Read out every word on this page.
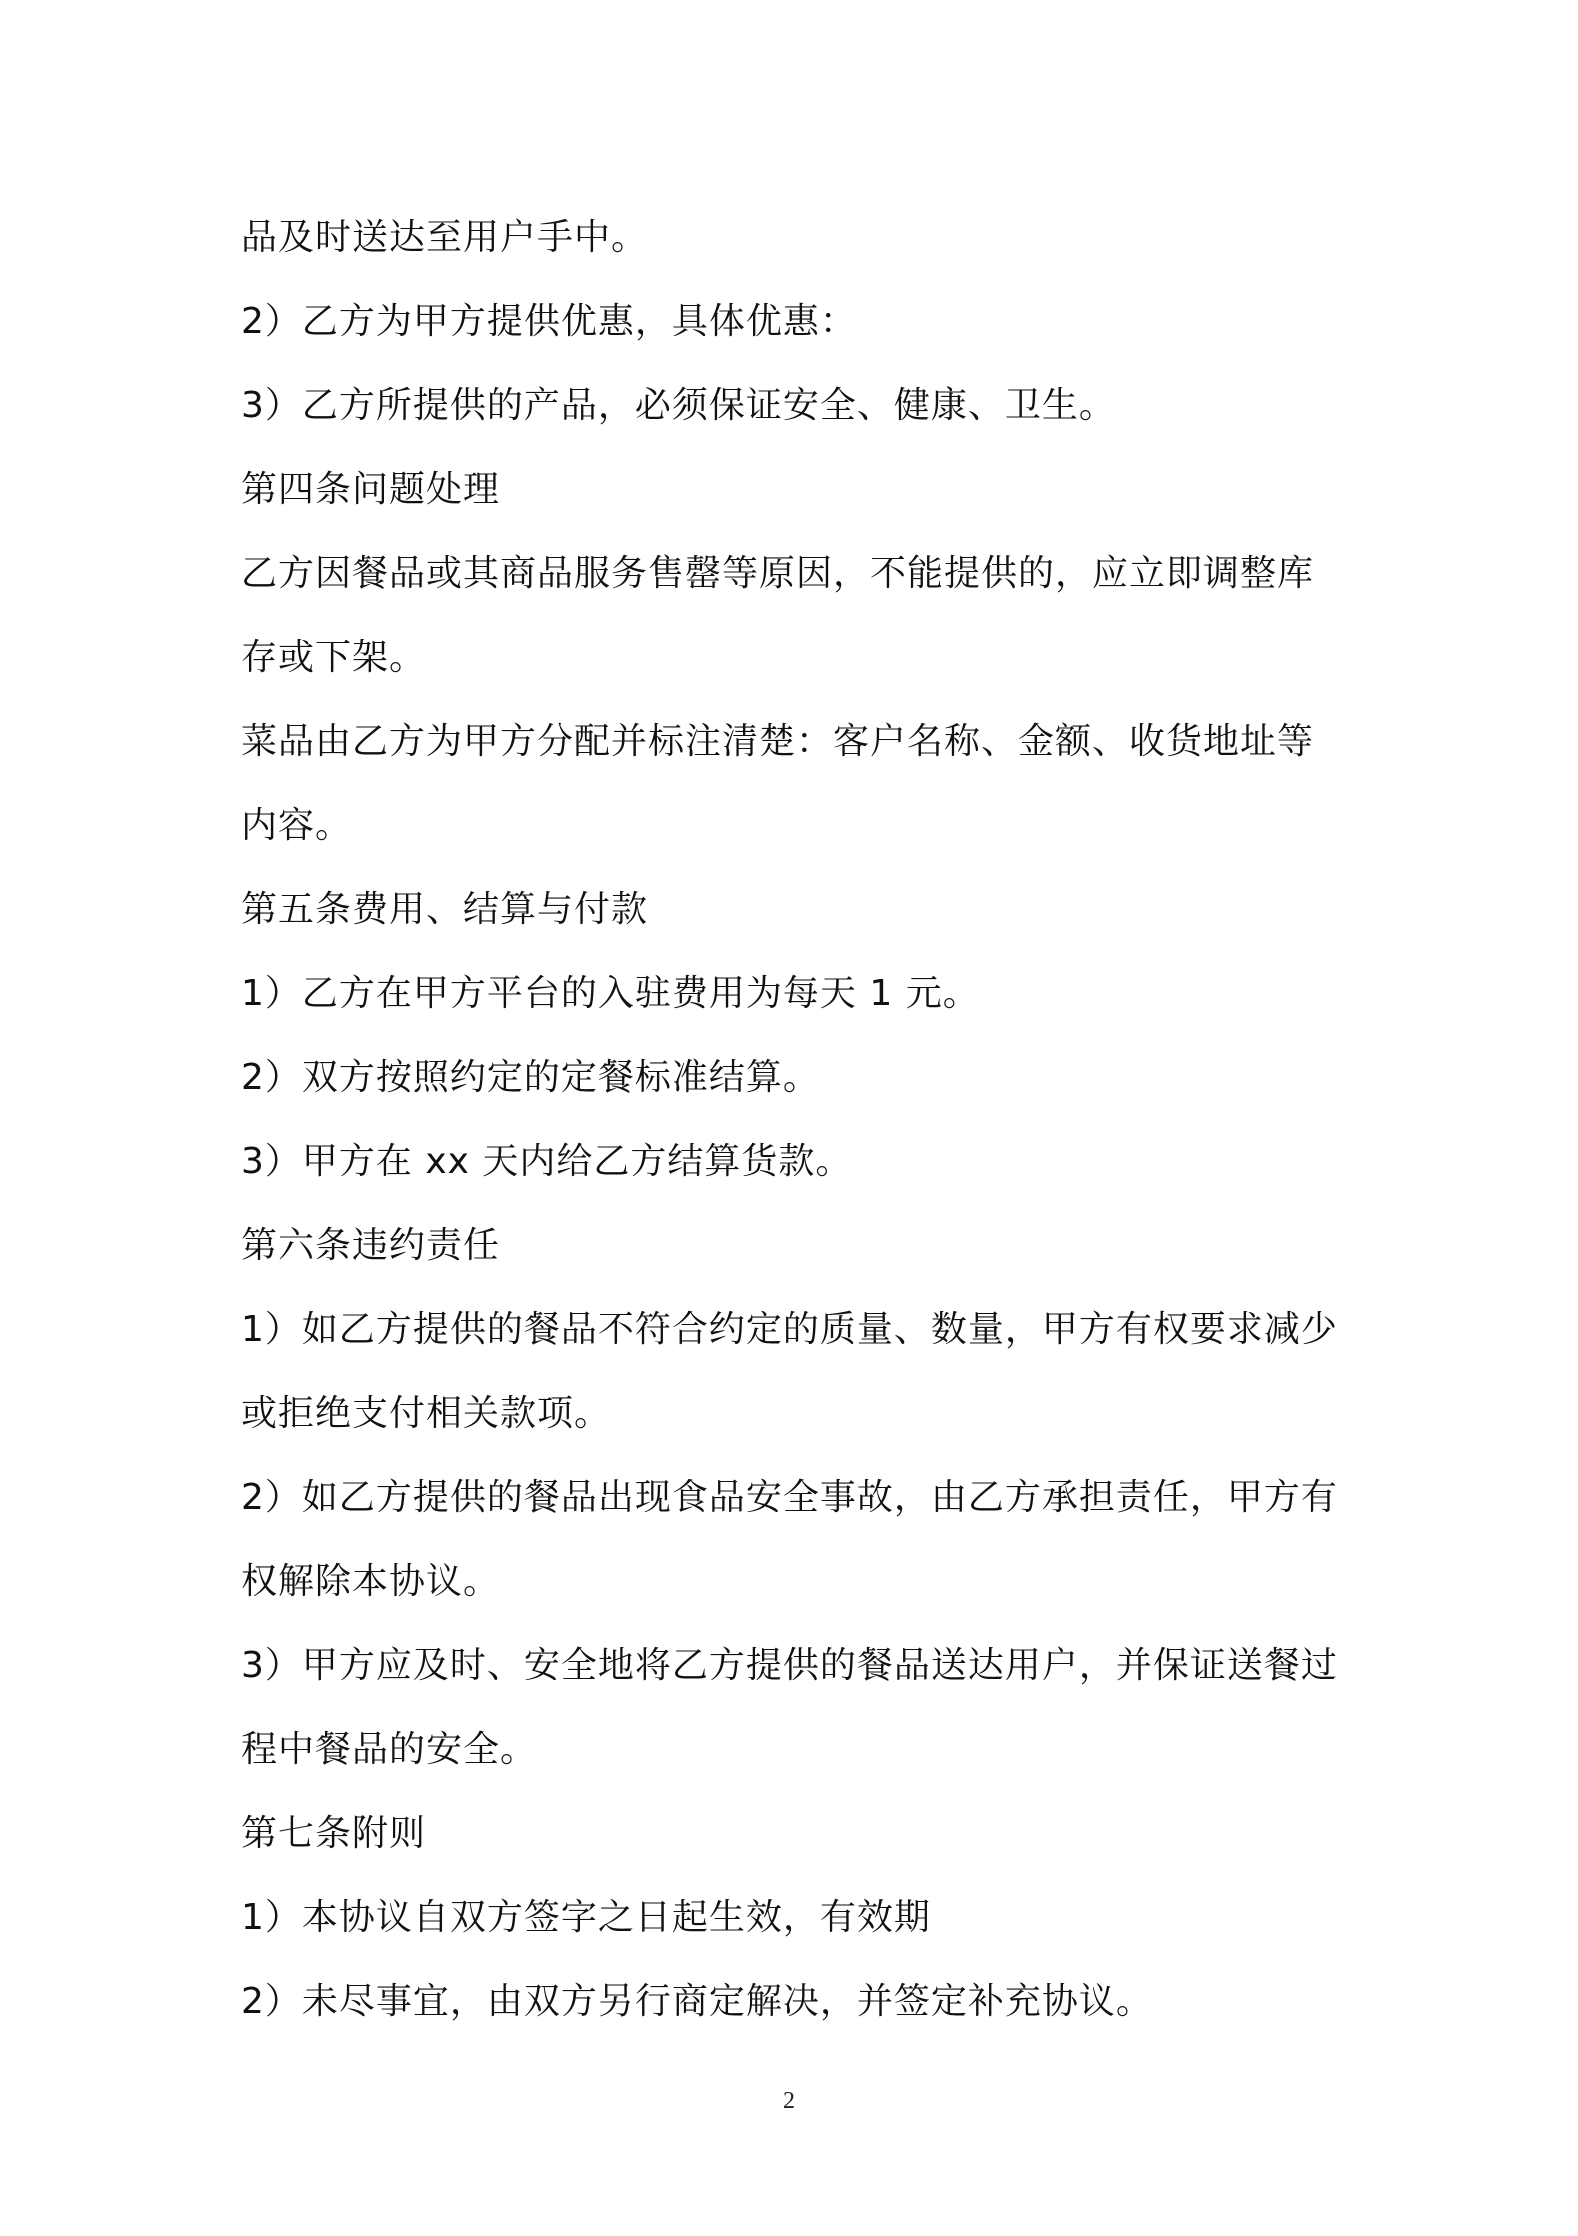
品及时送达至用户手中。
2）乙方为甲方提供优惠，具体优惠：
3）乙方所提供的产品，必须保证安全、健康、卫生。
第四条问题处理
乙方因餐品或其商品服务售罄等原因，不能提供的，应立即调整库
存或下架。
菜品由乙方为甲方分配并标注清楚：客户名称、金额、收货地址等
内容。
第五条费用、结算与付款
1）乙方在甲方平台的入驻费用为每天 1 元。
2）双方按照约定的定餐标准结算。
3）甲方在 xx 天内给乙方结算货款。
第六条违约责任
1）如乙方提供的餐品不符合约定的质量、数量，甲方有权要求减少
或拒绝支付相关款项。
2）如乙方提供的餐品出现食品安全事故，由乙方承担责任，甲方有
权解除本协议。
3）甲方应及时、安全地将乙方提供的餐品送达用户，并保证送餐过
程中餐品的安全。
第七条附则
1）本协议自双方签字之日起生效，有效期
2）未尽事宜，由双方另行商定解决，并签定补充协议。
2
